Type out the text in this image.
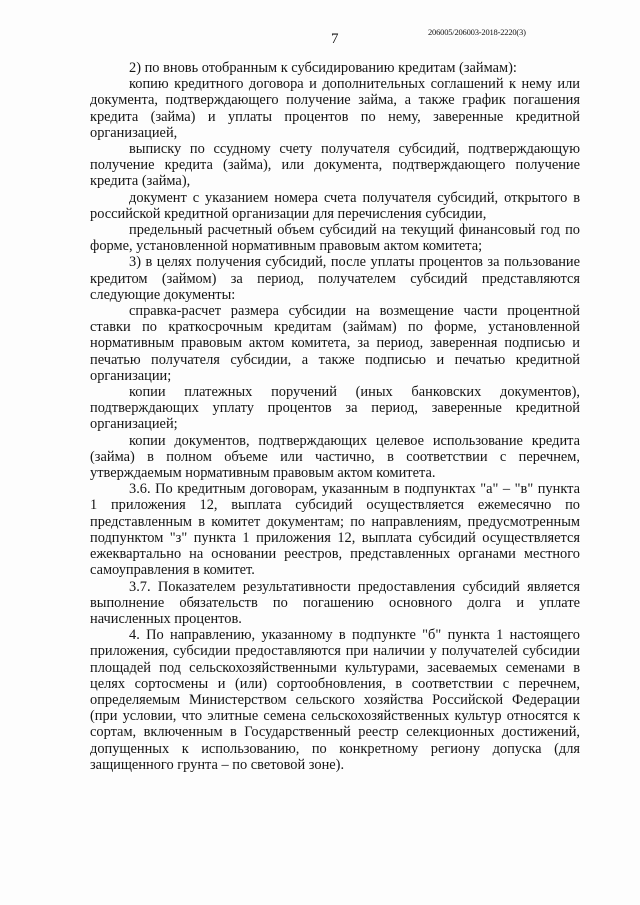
7	206005/206003-2018-2220(3)

2) по вновь отобранным к субсидированию кредитам (займам):

копию кредитного договора и дополнительных соглашений к нему или документа, подтверждающего получение займа, а также график погашения кредита (займа) и уплаты процентов по нему, заверенные кредитной организацией,

выписку по ссудному счету получателя субсидий, подтверждающую получение кредита (займа), или документа, подтверждающего получение кредита (займа),

документ с указанием номера счета получателя субсидий, открытого в российской кредитной организации для перечисления субсидии,

предельный расчетный объем субсидий на текущий финансовый год по форме, установленной нормативным правовым актом комитета;

3) в целях получения субсидий, после уплаты процентов за пользование кредитом (займом) за период, получателем субсидий представляются следующие документы:

справка-расчет размера субсидии на возмещение части процентной ставки по краткосрочным кредитам (займам) по форме, установленной нормативным правовым актом комитета, за период, заверенная подписью и печатью получателя субсидии, а также подписью и печатью кредитной организации;

копии платежных поручений (иных банковских документов), подтверждающих уплату процентов за период, заверенные кредитной организацией;

копии документов, подтверждающих целевое использование кредита (займа) в полном объеме или частично, в соответствии с перечнем, утверждаемым нормативным правовым актом комитета.

3.6. По кредитным договорам, указанным в подпунктах "а" – "в" пункта 1 приложения 12, выплата субсидий осуществляется ежемесячно по представленным в комитет документам; по направлениям, предусмотренным подпунктом "з" пункта 1 приложения 12, выплата субсидий осуществляется ежеквартально на основании реестров, представленных органами местного самоуправления в комитет.

3.7. Показателем результативности предоставления субсидий является выполнение обязательств по погашению основного долга и уплате начисленных процентов.

4. По направлению, указанному в подпункте "б" пункта 1 настоящего приложения, субсидии предоставляются при наличии у получателей субсидии площадей под сельскохозяйственными культурами, засеваемых семенами в целях сортосмены и (или) сортообновления, в соответствии с перечнем, определяемым Министерством сельского хозяйства Российской Федерации (при условии, что элитные семена сельскохозяйственных культур относятся к сортам, включенным в Государственный реестр селекционных достижений, допущенных к использованию, по конкретному региону допуска (для защищенного грунта – по световой зоне).
